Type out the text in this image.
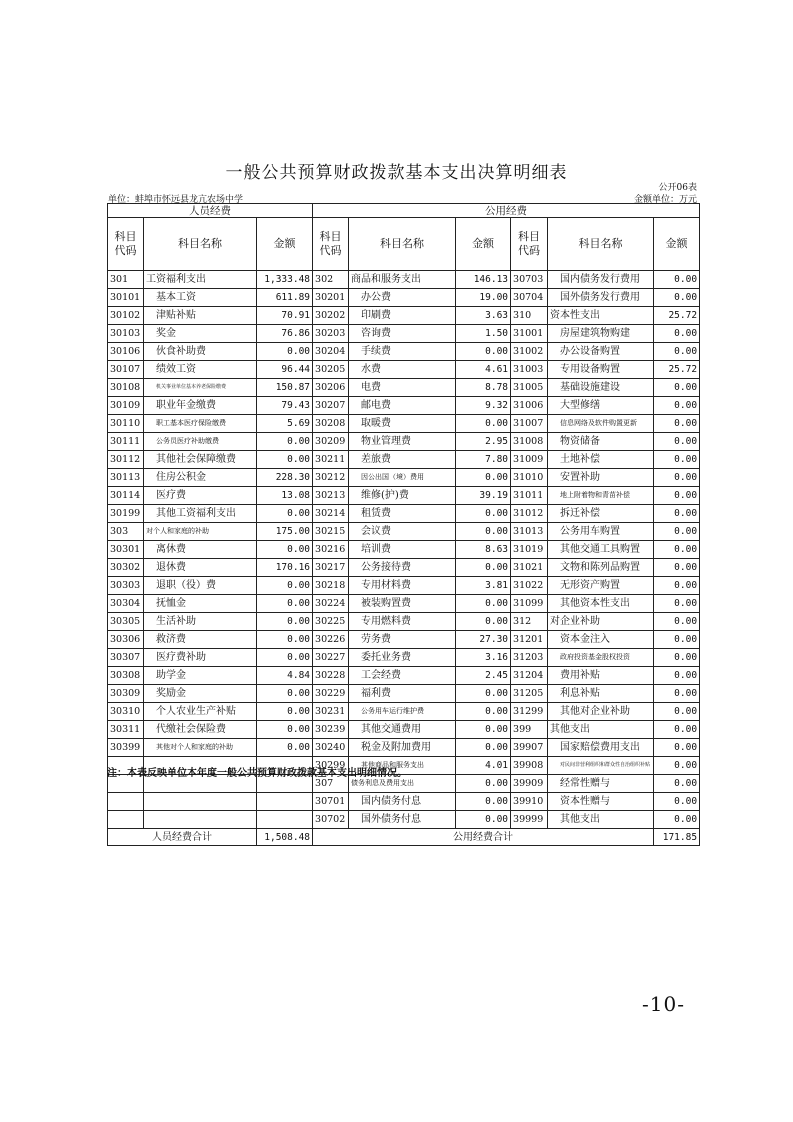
一般公共预算财政拨款基本支出决算明细表
公开06表
单位：蚌埠市怀远县龙亢农场中学	金额单位：万元
人员经费			公用经费					
科目代码	科目名称	金额	科目代码	科目名称	金额	科目代码	科目名称	金额
301	工资福利支出	1,333.48	302	商品和服务支出	146.13	30703	国内债务发行费用	0.00
30101	基本工资	611.89	30201	办公费	19.00	30704	国外债务发行费用	0.00
30102	津贴补贴	70.91	30202	印刷费	3.63	310	资本性支出	25.72
30103	奖金	76.86	30203	咨询费	1.50	31001	房屋建筑物购建	0.00
30106	伙食补助费	0.00	30204	手续费	0.00	31002	办公设备购置	0.00
30107	绩效工资	96.44	30205	水费	4.61	31003	专用设备购置	25.72
30108	机关事业单位基本养老保险缴费	150.87	30206	电费	8.78	31005	基础设施建设	0.00
30109	职业年金缴费	79.43	30207	邮电费	9.32	31006	大型修缮	0.00
30110	职工基本医疗保险缴费	5.69	30208	取暖费	0.00	31007	信息网络及软件购置更新	0.00
30111	公务员医疗补助缴费	0.00	30209	物业管理费	2.95	31008	物资储备	0.00
30112	其他社会保障缴费	0.00	30211	差旅费	7.80	31009	土地补偿	0.00
30113	住房公积金	228.30	30212	因公出国（境）费用	0.00	31010	安置补助	0.00
30114	医疗费	13.08	30213	维修(护)费	39.19	31011	地上附着物和青苗补偿	0.00
30199	其他工资福利支出	0.00	30214	租赁费	0.00	31012	拆迁补偿	0.00
303	对个人和家庭的补助	175.00	30215	会议费	0.00	31013	公务用车购置	0.00
30301	离休费	0.00	30216	培训费	8.63	31019	其他交通工具购置	0.00
30302	退休费	170.16	30217	公务接待费	0.00	31021	文物和陈列品购置	0.00
30303	退职（役）费	0.00	30218	专用材料费	3.81	31022	无形资产购置	0.00
30304	抚恤金	0.00	30224	被装购置费	0.00	31099	其他资本性支出	0.00
30305	生活补助	0.00	30225	专用燃料费	0.00	312	对企业补助	0.00
30306	救济费	0.00	30226	劳务费	27.30	31201	资本金注入	0.00
30307	医疗费补助	0.00	30227	委托业务费	3.16	31203	政府投资基金股权投资	0.00
30308	助学金	4.84	30228	工会经费	2.45	31204	费用补贴	0.00
30309	奖励金	0.00	30229	福利费	0.00	31205	利息补贴	0.00
30310	个人农业生产补贴	0.00	30231	公务用车运行维护费	0.00	31299	其他对企业补助	0.00
30311	代缴社会保险费	0.00	30239	其他交通费用	0.00	399	其他支出	0.00
30399	其他对个人和家庭的补助	0.00	30240	税金及附加费用	0.00	39907	国家赔偿费用支出	0.00
			30299	其他商品和服务支出	4.01	39908	对民间非营利组织和群众性自治组织补贴	0.00
			307	债务利息及费用支出	0.00	39909	经常性赠与	0.00
			30701	国内债务付息	0.00	39910	资本性赠与	0.00
			30702	国外债务付息	0.00	39999	其他支出	0.00
人员经费合计		1,508.48	公用经费合计					171.85
注：本表反映单位本年度一般公共预算财政拨款基本支出明细情况。
-10-
